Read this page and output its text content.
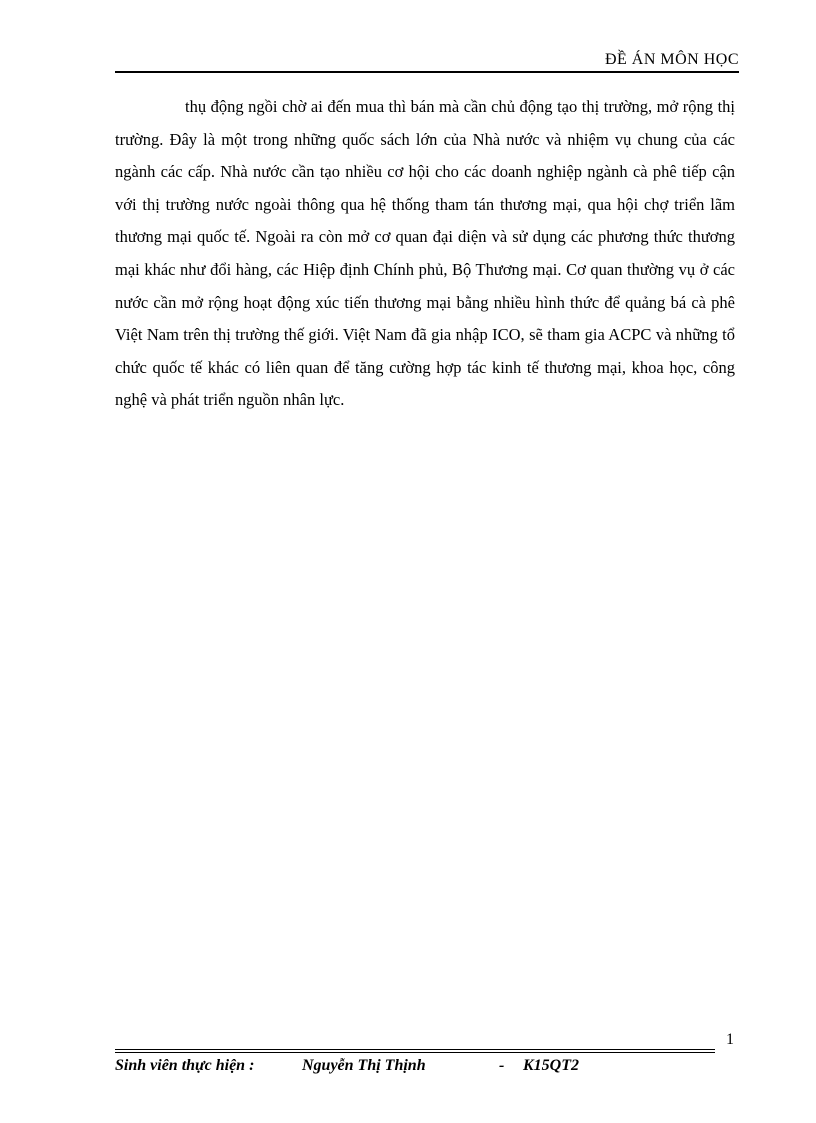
ĐỀ ÁN MÔN HỌC

thụ động ngồi chờ ai đến mua thì bán mà cần chủ động tạo thị trường, mở rộng thị trường. Đây là một trong những quốc sách lớn của Nhà nước và nhiệm vụ chung của các ngành các cấp. Nhà nước cần tạo nhiều cơ hội cho các doanh nghiệp ngành cà phê tiếp cận với thị trường nước ngoài thông qua hệ thống tham tán thương mại, qua hội chợ triển lãm thương mại quốc tế. Ngoài ra còn mở cơ quan đại diện và sử dụng các phương thức thương mại khác như đổi hàng, các Hiệp định Chính phủ, Bộ Thương mại. Cơ quan thường vụ ở các nước cần mở rộng hoạt động xúc tiến thương mại bằng nhiều hình thức để quảng bá cà phê Việt Nam trên thị trường thế giới. Việt Nam đã gia nhập ICO, sẽ tham gia ACPC và những tổ chức quốc tế khác có liên quan để tăng cường hợp tác kinh tế thương mại, khoa học, công nghệ và phát triển nguồn nhân lực.

1
Sinh viên thực hiện :	Nguyễn Thị Thịnh	- K15QT2
